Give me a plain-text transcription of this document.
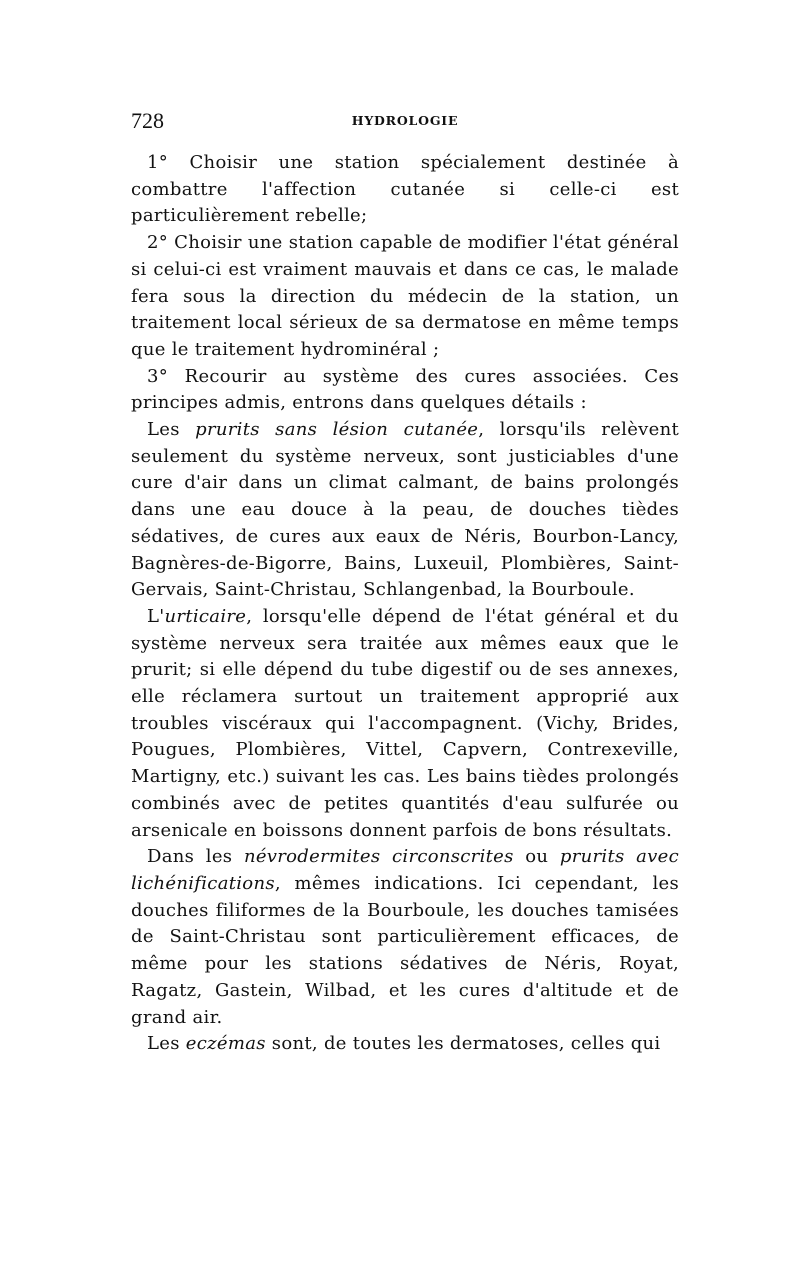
728	HYDROLOGIE

1° Choisir une station spécialement destinée à combattre l'affection cutanée si celle-ci est particulièrement rebelle;

2° Choisir une station capable de modifier l'état général si celui-ci est vraiment mauvais et dans ce cas, le malade fera sous la direction du médecin de la station, un traitement local sérieux de sa dermatose en même temps que le traitement hydrominéral ;

3° Recourir au système des cures associées. Ces principes admis, entrons dans quelques détails :

Les prurits sans lésion cutanée, lorsqu'ils relèvent seulement du système nerveux, sont justiciables d'une cure d'air dans un climat calmant, de bains prolongés dans une eau douce à la peau, de douches tièdes sédatives, de cures aux eaux de Néris, Bourbon-Lancy, Bagnères-de-Bigorre, Bains, Luxeuil, Plombières, Saint-Gervais, Saint-Christau, Schlangenbad, la Bourboule.

L'urticaire, lorsqu'elle dépend de l'état général et du système nerveux sera traitée aux mêmes eaux que le prurit; si elle dépend du tube digestif ou de ses annexes, elle réclamera surtout un traitement approprié aux troubles viscéraux qui l'accompagnent. (Vichy, Brides, Pougues, Plombières, Vittel, Capvern, Contrexeville, Martigny, etc.) suivant les cas. Les bains tièdes prolongés combinés avec de petites quantités d'eau sulfurée ou arsenicale en boissons donnent parfois de bons résultats.

Dans les névrodermites circonscrites ou prurits avec lichénifications, mêmes indications. Ici cependant, les douches filiformes de la Bourboule, les douches tamisées de Saint-Christau sont particulièrement efficaces, de même pour les stations sédatives de Néris, Royat, Ragatz, Gastein, Wilbad, et les cures d'altitude et de grand air.

Les eczémas sont, de toutes les dermatoses, celles qui
